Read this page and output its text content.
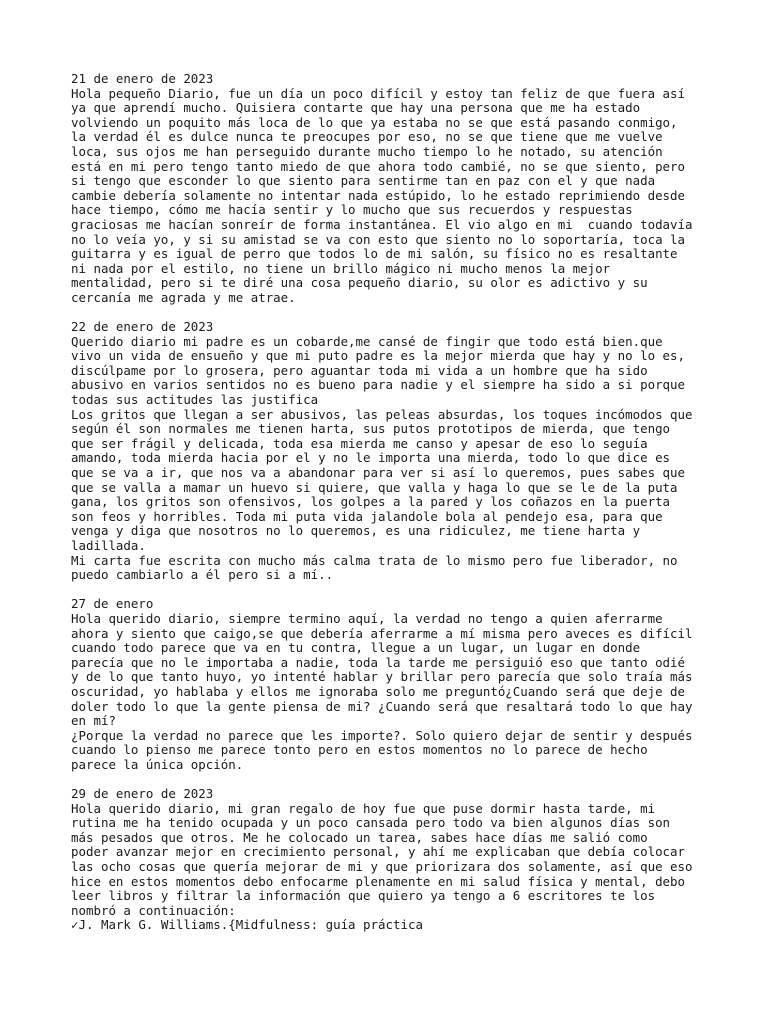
21 de enero de 2023
Hola pequeño Diario, fue un día un poco difícil y estoy tan feliz de que fuera así
ya que aprendí mucho. Quisiera contarte que hay una persona que me ha estado
volviendo un poquito más loca de lo que ya estaba no se que está pasando conmigo,
la verdad él es dulce nunca te preocupes por eso, no se que tiene que me vuelve
loca, sus ojos me han perseguido durante mucho tiempo lo he notado, su atención
está en mi pero tengo tanto miedo de que ahora todo cambié, no se que siento, pero
si tengo que esconder lo que siento para sentirme tan en paz con el y que nada
cambie debería solamente no intentar nada estúpido, lo he estado reprimiendo desde
hace tiempo, cómo me hacía sentir y lo mucho que sus recuerdos y respuestas
graciosas me hacían sonreír de forma instantánea. El vio algo en mi  cuando todavía
no lo veía yo, y si su amistad se va con esto que siento no lo soportaría, toca la
guitarra y es igual de perro que todos lo de mi salón, su físico no es resaltante
ni nada por el estilo, no tiene un brillo mágico ni mucho menos la mejor
mentalidad, pero si te diré una cosa pequeño diario, su olor es adictivo y su
cercanía me agrada y me atrae.
22 de enero de 2023
Querido diario mi padre es un cobarde,me cansé de fingir que todo está bien.que
vivo un vida de ensueño y que mi puto padre es la mejor mierda que hay y no lo es,
discúlpame por lo grosera, pero aguantar toda mi vida a un hombre que ha sido
abusivo en varios sentidos no es bueno para nadie y el siempre ha sido a si porque
todas sus actitudes las justifica
Los gritos que llegan a ser abusivos, las peleas absurdas, los toques incómodos que
según él son normales me tienen harta, sus putos prototipos de mierda, que tengo
que ser frágil y delicada, toda esa mierda me canso y apesar de eso lo seguía
amando, toda mierda hacia por el y no le importa una mierda, todo lo que dice es
que se va a ir, que nos va a abandonar para ver si así lo queremos, pues sabes que
que se valla a mamar un huevo si quiere, que valla y haga lo que se le de la puta
gana, los gritos son ofensivos, los golpes a la pared y los coñazos en la puerta
son feos y horribles. Toda mi puta vida jalandole bola al pendejo esa, para que
venga y diga que nosotros no lo queremos, es una ridiculez, me tiene harta y
ladillada.
Mi carta fue escrita con mucho más calma trata de lo mismo pero fue liberador, no
puedo cambiarlo a él pero si a mí..
27 de enero
Hola querido diario, siempre termino aquí, la verdad no tengo a quien aferrarme
ahora y siento que caigo,se que debería aferrarme a mí misma pero aveces es difícil
cuando todo parece que va en tu contra, llegue a un lugar, un lugar en donde
parecía que no le importaba a nadie, toda la tarde me persiguió eso que tanto odié
y de lo que tanto huyo, yo intenté hablar y brillar pero parecía que solo traía más
oscuridad, yo hablaba y ellos me ignoraba solo me preguntó¿Cuando será que deje de
doler todo lo que la gente piensa de mi? ¿Cuando será que resaltará todo lo que hay
en mí?
¿Porque la verdad no parece que les importe?. Solo quiero dejar de sentir y después
cuando lo pienso me parece tonto pero en estos momentos no lo parece de hecho
parece la única opción.
29 de enero de 2023
Hola querido diario, mi gran regalo de hoy fue que puse dormir hasta tarde, mi
rutina me ha tenido ocupada y un poco cansada pero todo va bien algunos días son
más pesados que otros. Me he colocado un tarea, sabes hace días me salió como
poder avanzar mejor en crecimiento personal, y ahí me explicaban que debía colocar
las ocho cosas que quería mejorar de mi y que priorizara dos solamente, así que eso
hice en estos momentos debo enfocarme plenamente en mi salud física y mental, debo
leer libros y filtrar la información que quiero ya tengo a 6 escritores te los
nombró a continuación:
✓J. Mark G. Williams.{Midfulness: guía práctica
